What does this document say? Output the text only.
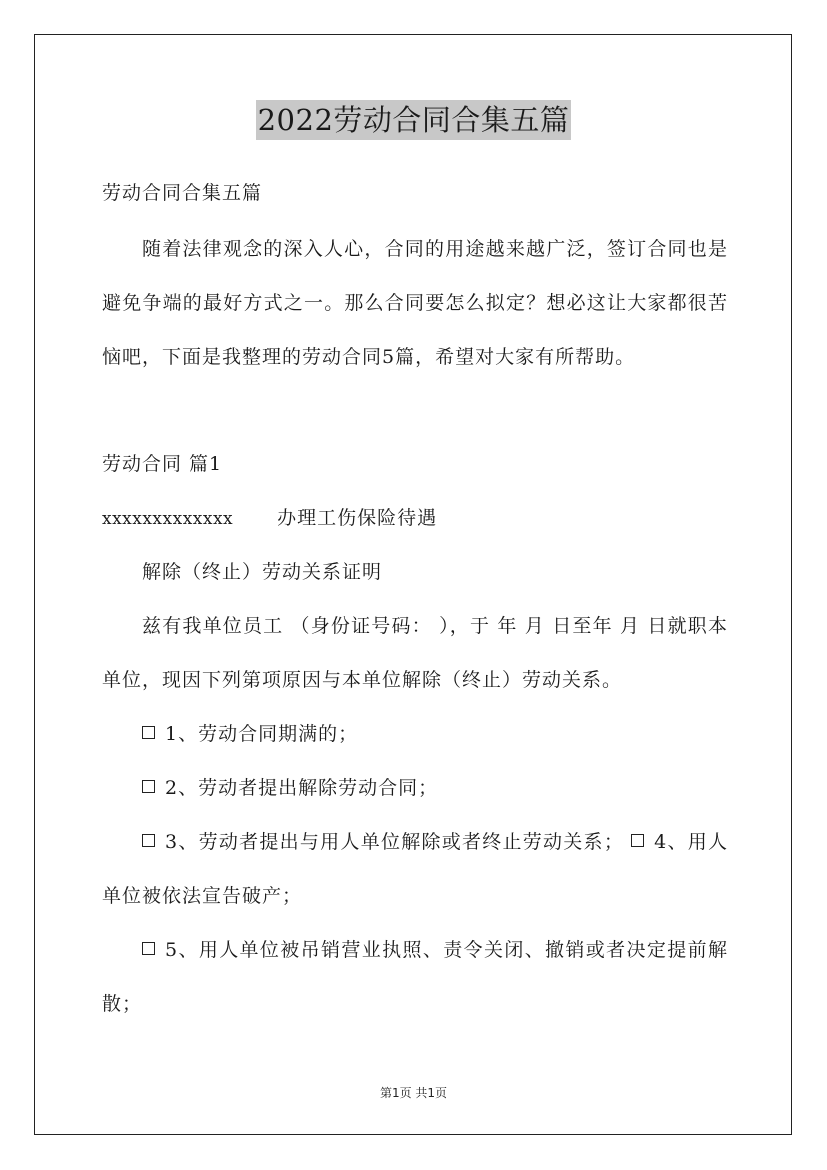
2022劳动合同合集五篇

劳动合同合集五篇

随着法律观念的深入人心，合同的用途越来越广泛，签订合同也是避免争端的最好方式之一。那么合同要怎么拟定？想必这让大家都很苦恼吧，下面是我整理的劳动合同5篇，希望对大家有所帮助。

劳动合同 篇1

xxxxxxxxxxxxx 办理工伤保险待遇

解除（终止）劳动关系证明

兹有我单位员工 （身份证号码： ），于 年 月 日至年 月 日就职本单位，现因下列第项原因与本单位解除（终止）劳动关系。

1、劳动合同期满的；

2、劳动者提出解除劳动合同；

3、劳动者提出与用人单位解除或者终止劳动关系； 4、用人单位被依法宣告破产；

5、用人单位被吊销营业执照、责令关闭、撤销或者决定提前解散；

第1页 共1页
